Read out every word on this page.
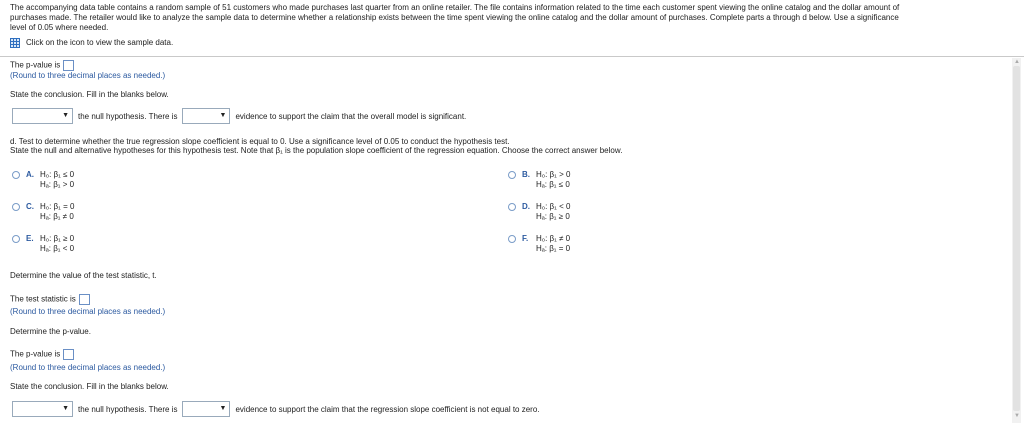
The accompanying data table contains a random sample of 51 customers who made purchases last quarter from an online retailer. The file contains information related to the time each customer spent viewing the online catalog and the dollar amount of

purchases made. The retailer would like to analyze the sample data to determine whether a relationship exists between the time spent viewing the online catalog and the dollar amount of purchases. Complete parts a through d below. Use a significance

level of 0.05 where needed.

Click on the icon to view the sample data.
The p-value is
(Round to three decimal places as needed.)
State the conclusion. Fill in the blanks below.
▼ the null hypothesis. There is	▼ evidence to support the claim that the overall model is significant.
d. Test to determine whether the true regression slope coefficient is equal to 0. Use a significance level of 0.05 to conduct the hypothesis test.
State the null and alternative hypotheses for this hypothesis test. Note that β₁ is the population slope coefficient of the regression equation. Choose the correct answer below.
A. H₀: β₁ ≤ 0
Hₐ: β₁ > 0
B. H₀: β₁ > 0
Hₐ: β₁ ≤ 0
C. H₀: β₁ = 0
Hₐ: β₁ ≠ 0
D. H₀: β₁ < 0
Hₐ: β₁ ≥ 0
E. H₀: β₁ ≥ 0
Hₐ: β₁ < 0
F. H₀: β₁ ≠ 0
Hₐ: β₁ = 0
Determine the value of the test statistic, t.
The test statistic is
(Round to three decimal places as needed.)
Determine the p-value.
The p-value is
(Round to three decimal places as needed.)
State the conclusion. Fill in the blanks below.
▼ the null hypothesis. There is	▼ evidence to support the claim that the regression slope coefficient is not equal to zero.
▲
▼
